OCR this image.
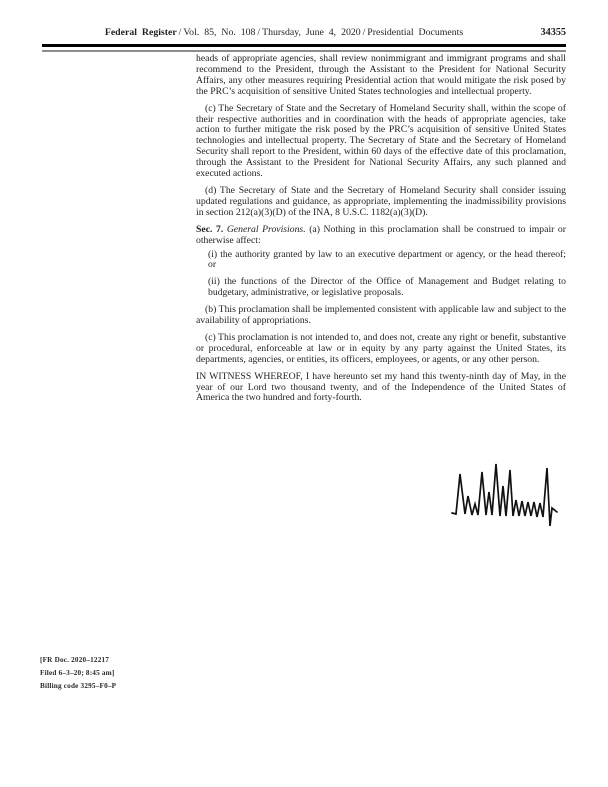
Federal Register / Vol. 85, No. 108 / Thursday, June 4, 2020 / Presidential Documents	34355

heads of appropriate agencies, shall review nonimmigrant and immigrant programs and shall recommend to the President, through the Assistant to the President for National Security Affairs, any other measures requiring Presidential action that would mitigate the risk posed by the PRC’s acquisition of sensitive United States technologies and intellectual property.

(c) The Secretary of State and the Secretary of Homeland Security shall, within the scope of their respective authorities and in coordination with the heads of appropriate agencies, take action to further mitigate the risk posed by the PRC’s acquisition of sensitive United States technologies and intellectual property. The Secretary of State and the Secretary of Homeland Security shall report to the President, within 60 days of the effective date of this proclamation, through the Assistant to the President for National Security Affairs, any such planned and executed actions.

(d) The Secretary of State and the Secretary of Homeland Security shall consider issuing updated regulations and guidance, as appropriate, implementing the inadmissibility provisions in section 212(a)(3)(D) of the INA, 8 U.S.C. 1182(a)(3)(D).

Sec. 7. General Provisions. (a) Nothing in this proclamation shall be construed to impair or otherwise affect:

(i) the authority granted by law to an executive department or agency, or the head thereof; or

(ii) the functions of the Director of the Office of Management and Budget relating to budgetary, administrative, or legislative proposals.

(b) This proclamation shall be implemented consistent with applicable law and subject to the availability of appropriations.

(c) This proclamation is not intended to, and does not, create any right or benefit, substantive or procedural, enforceable at law or in equity by any party against the United States, its departments, agencies, or entities, its officers, employees, or agents, or any other person.

IN WITNESS WHEREOF, I have hereunto set my hand this twenty-ninth day of May, in the year of our Lord two thousand twenty, and of the Independence of the United States of America the two hundred and forty-fourth.

[FR Doc. 2020–12217
Filed 6–3–20; 8:45 am]
Billing code 3295–F0–P
